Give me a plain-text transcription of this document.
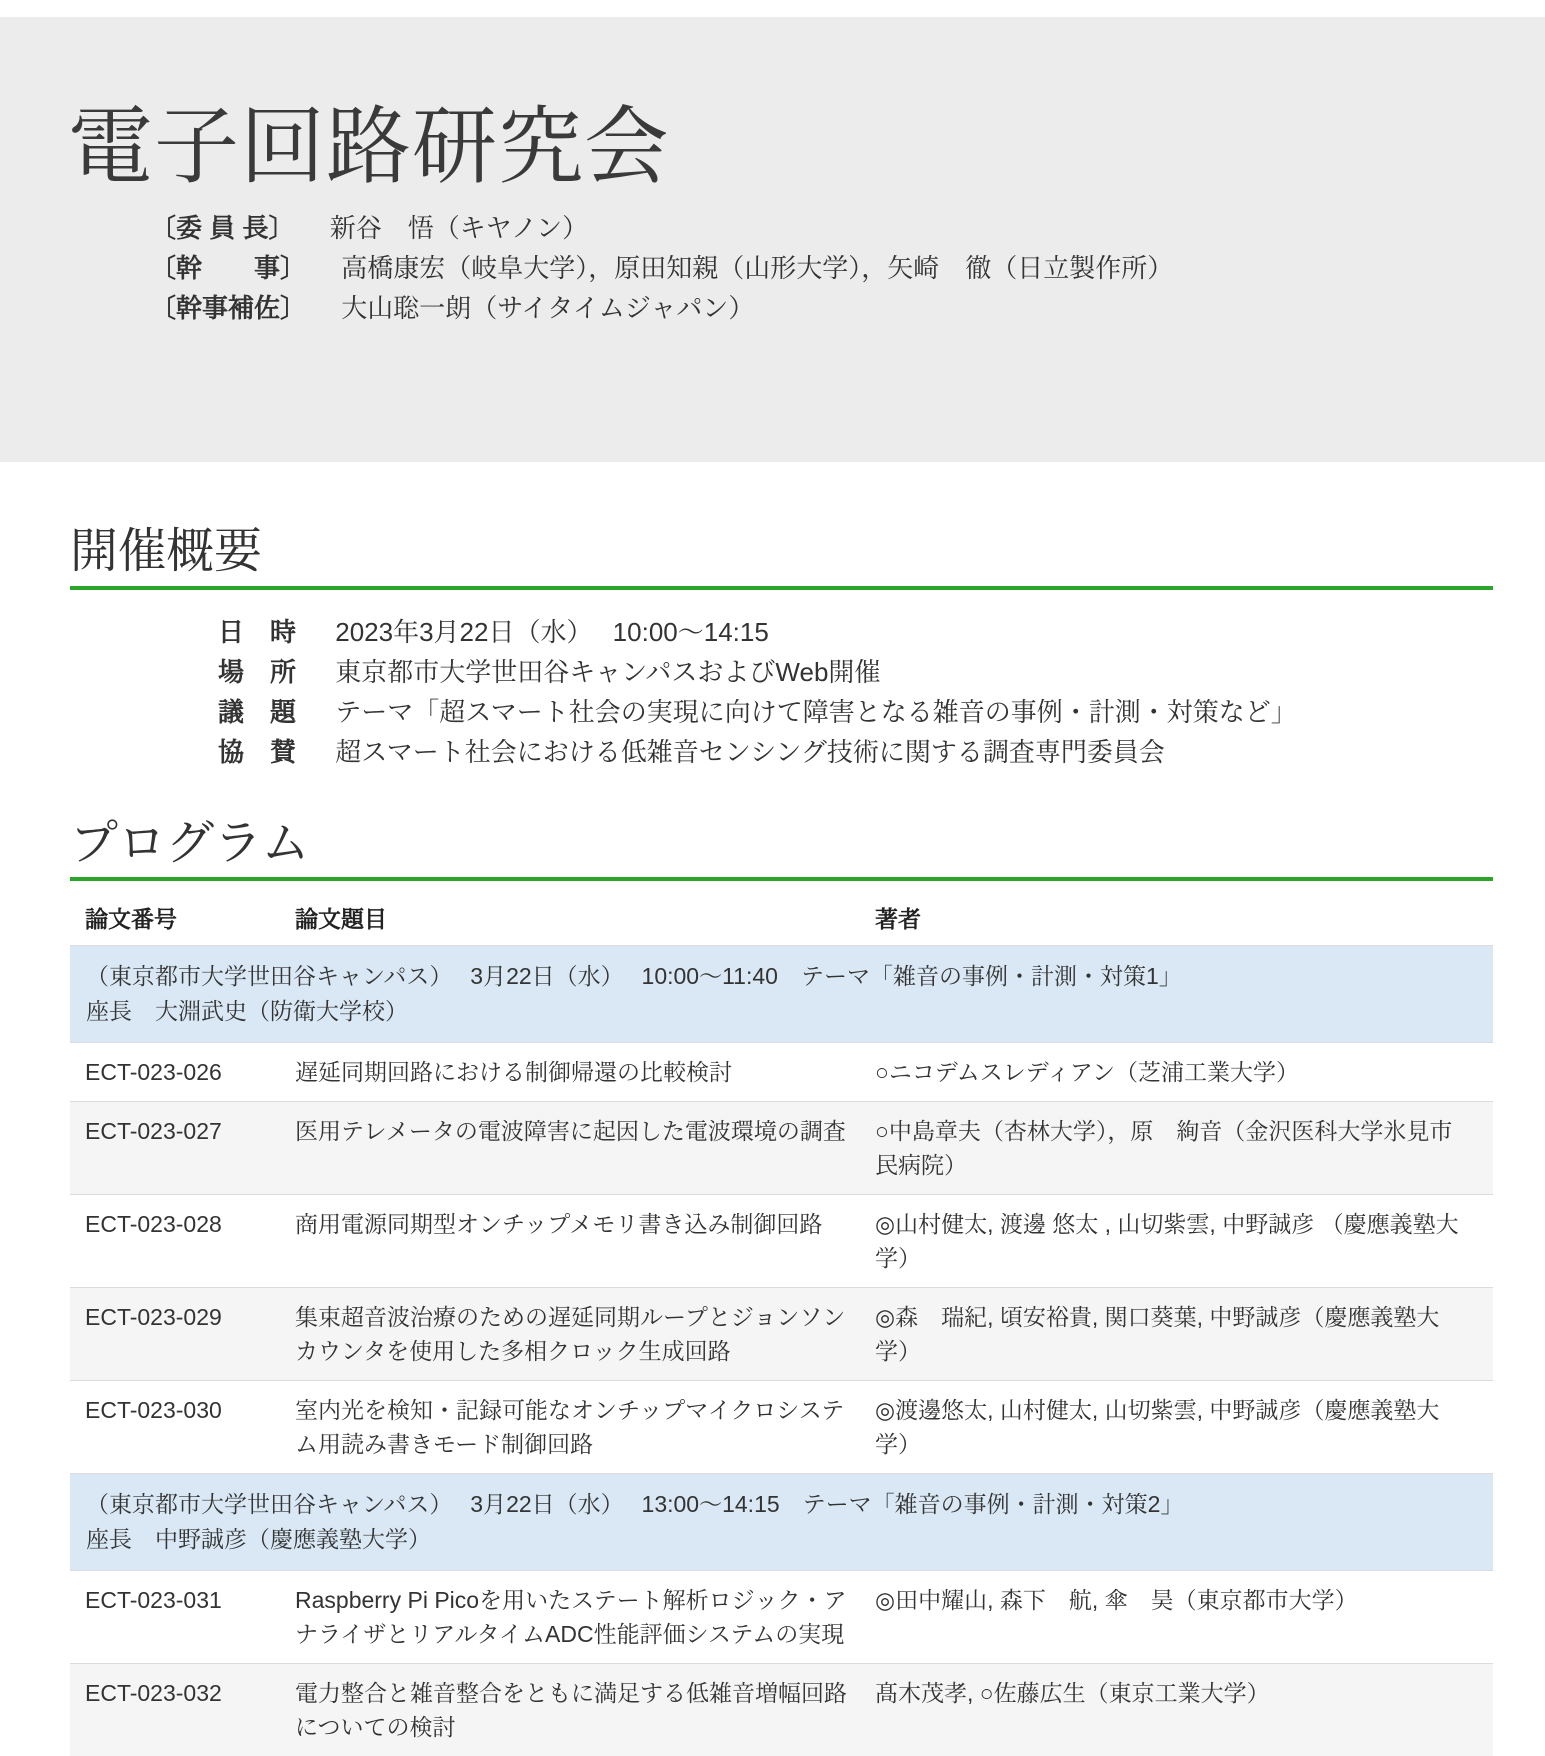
電子回路研究会
〔委 員 長〕 新谷　悟（キヤノン）
〔幹　　事〕 高橋康宏（岐阜大学），原田知親（山形大学），矢崎　徹（日立製作所）
〔幹事補佐〕 大山聡一朗（サイタイムジャパン）
開催概要
日　時 2023年3月22日（水）　 10:00～14:15
場　所 東京都市大学世田谷キャンパスおよびWeb開催
議　題 テーマ「超スマート社会の実現に向けて障害となる雑音の事例・計測・対策など」
協　賛 超スマート社会における低雑音センシング技術に関する調査専門委員会
プログラム
論文番号	論文題目	著者

（東京都市大学世田谷キャンパス）　 3月22日（水）　 10:00～11:40　テーマ「雑音の事例・計測・対策1」
座長　大淵武史（防衛大学校）		

ECT-023-026	遅延同期回路における制御帰還の比較検討	○ニコデムスレディアン（芝浦工業大学）
ECT-023-027	医用テレメータの電波障害に起因した電波環境の調査	○中島章夫（杏林大学），原　絢音（金沢医科大学氷見市民病院）
ECT-023-028	商用電源同期型オンチップメモリ書き込み制御回路	◎山村健太, 渡邊 悠太 , 山切紫雲, 中野誠彦 （慶應義塾大学）
ECT-023-029	集束超音波治療のための遅延同期ループとジョンソンカウンタを使用した多相クロック生成回路	◎森　瑞紀, 頃安裕貴, 関口葵葉, 中野誠彦（慶應義塾大学）
ECT-023-030	室内光を検知・記録可能なオンチップマイクロシステム用読み書きモード制御回路	◎渡邊悠太, 山村健太, 山切紫雲, 中野誠彦（慶應義塾大学）

（東京都市大学世田谷キャンパス）　 3月22日（水）　 13:00～14:15　テーマ「雑音の事例・計測・対策2」
座長　中野誠彦（慶應義塾大学）		

ECT-023-031	Raspberry Pi Picoを用いたステート解析ロジック・アナライザとリアルタイムADC性能評価システムの実現	◎田中耀山, 森下　航, 傘　昊（東京都市大学）
ECT-023-032	電力整合と雑音整合をともに満足する低雑音増幅回路についての検討	髙木茂孝, ○佐藤広生（東京工業大学）
